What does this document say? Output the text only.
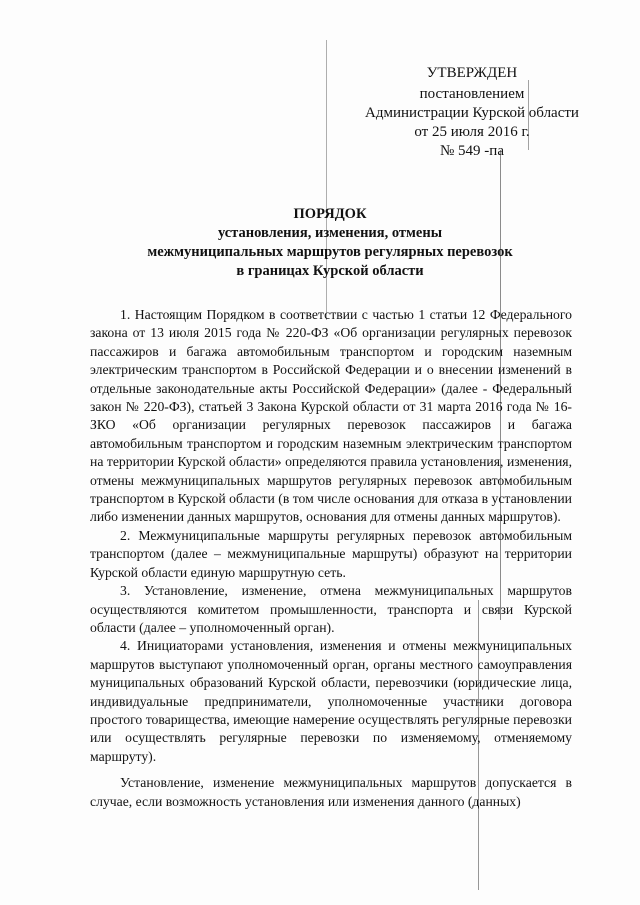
УТВЕРЖДЕН
постановлением
Администрации Курской области
от 25 июля 2016 г.
№ 549 -па
ПОРЯДОК
установления, изменения, отмены
межмуниципальных маршрутов регулярных перевозок
в границах Курской области

1. Настоящим Порядком в соответствии с частью 1 статьи 12 Федерального закона от 13 июля 2015 года № 220-ФЗ «Об организации регулярных перевозок пассажиров и багажа автомобильным транспортом и городским наземным электрическим транспортом в Российской Федерации и о внесении изменений в отдельные законодательные акты Российской Федерации» (далее - Федеральный закон № 220-ФЗ), статьей 3 Закона Курской области от 31 марта 2016 года № 16-ЗКО «Об организации регулярных перевозок пассажиров и багажа автомобильным транспортом и городским наземным электрическим транспортом на территории Курской области» определяются правила установления, изменения, отмены межмуниципальных маршрутов регулярных перевозок автомобильным транспортом в Курской области (в том числе основания для отказа в установлении либо изменении данных маршрутов, основания для отмены данных маршрутов).

2. Межмуниципальные маршруты регулярных перевозок автомобильным транспортом (далее – межмуниципальные маршруты) образуют на территории Курской области единую маршрутную сеть.

3. Установление, изменение, отмена межмуниципальных маршрутов осуществляются комитетом промышленности, транспорта и связи Курской области (далее – уполномоченный орган).

4. Инициаторами установления, изменения и отмены межмуниципальных маршрутов выступают уполномоченный орган, органы местного самоуправления муниципальных образований Курской области, перевозчики (юридические лица, индивидуальные предприниматели, уполномоченные участники договора простого товарищества, имеющие намерение осуществлять регулярные перевозки или осуществлять регулярные перевозки по изменяемому, отменяемому маршруту).

Установление, изменение межмуниципальных маршрутов допускается в случае, если возможность установления или изменения данного (данных)
